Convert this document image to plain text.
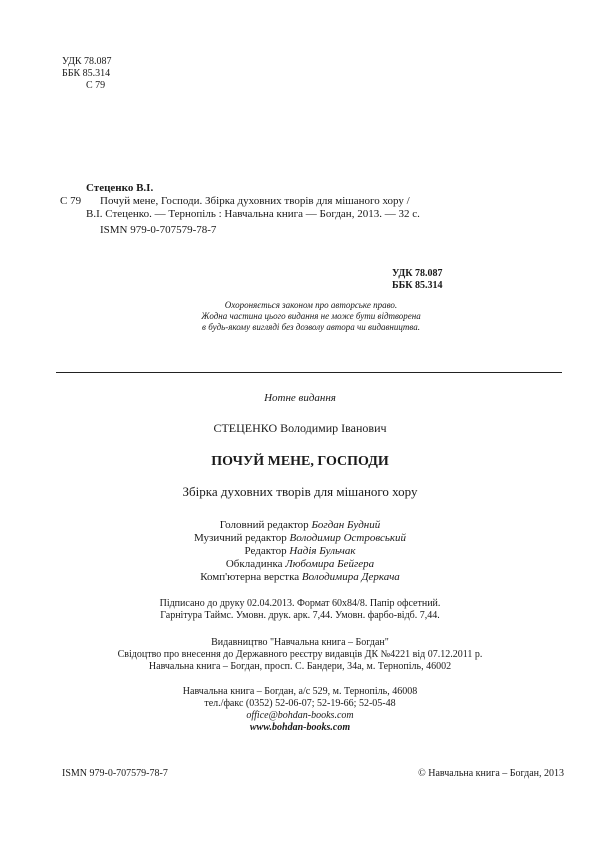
УДК 78.087
ББК 85.314
С 79
Стеценко В.І.
С 79 Почуй мене, Господи. Збірка духовних творів для мішаного хору /
В.І. Стеценко. — Тернопіль : Навчальна книга — Богдан, 2013. — 32 с.
ISMN 979-0-707579-78-7
УДК 78.087
ББК 85.314
Охороняється законом про авторське право.
Жодна частина цього видання не може бути відтворена
в будь-якому вигляді без дозволу автора чи видавництва.
Нотне видання
СТЕЦЕНКО Володимир Іванович
ПОЧУЙ МЕНЕ, ГОСПОДИ
Збірка духовних творів для мішаного хору
Головний редактор Богдан Будний
Музичний редактор Володимир Островський
Редактор Надія Бульчак
Обкладинка Любомира Бейгера
Комп'ютерна верстка Володимира Деркача
Підписано до друку 02.04.2013. Формат 60х84/8. Папір офсетний.
Гарнітура Таймс. Умовн. друк. арк. 7,44. Умовн. фарбо-відб. 7,44.
Видавництво "Навчальна книга – Богдан"
Свідоцтво про внесення до Державного реєстру видавців ДК №4221 від 07.12.2011 р.
Навчальна книга – Богдан, просп. С. Бандери, 34а, м. Тернопіль, 46002
Навчальна книга – Богдан, а/с 529, м. Тернопіль, 46008
тел./факс (0352) 52-06-07; 52-19-66; 52-05-48
office@bohdan-books.com
www.bohdan-books.com
ISMN 979-0-707579-78-7	© Навчальна книга – Богдан, 2013
